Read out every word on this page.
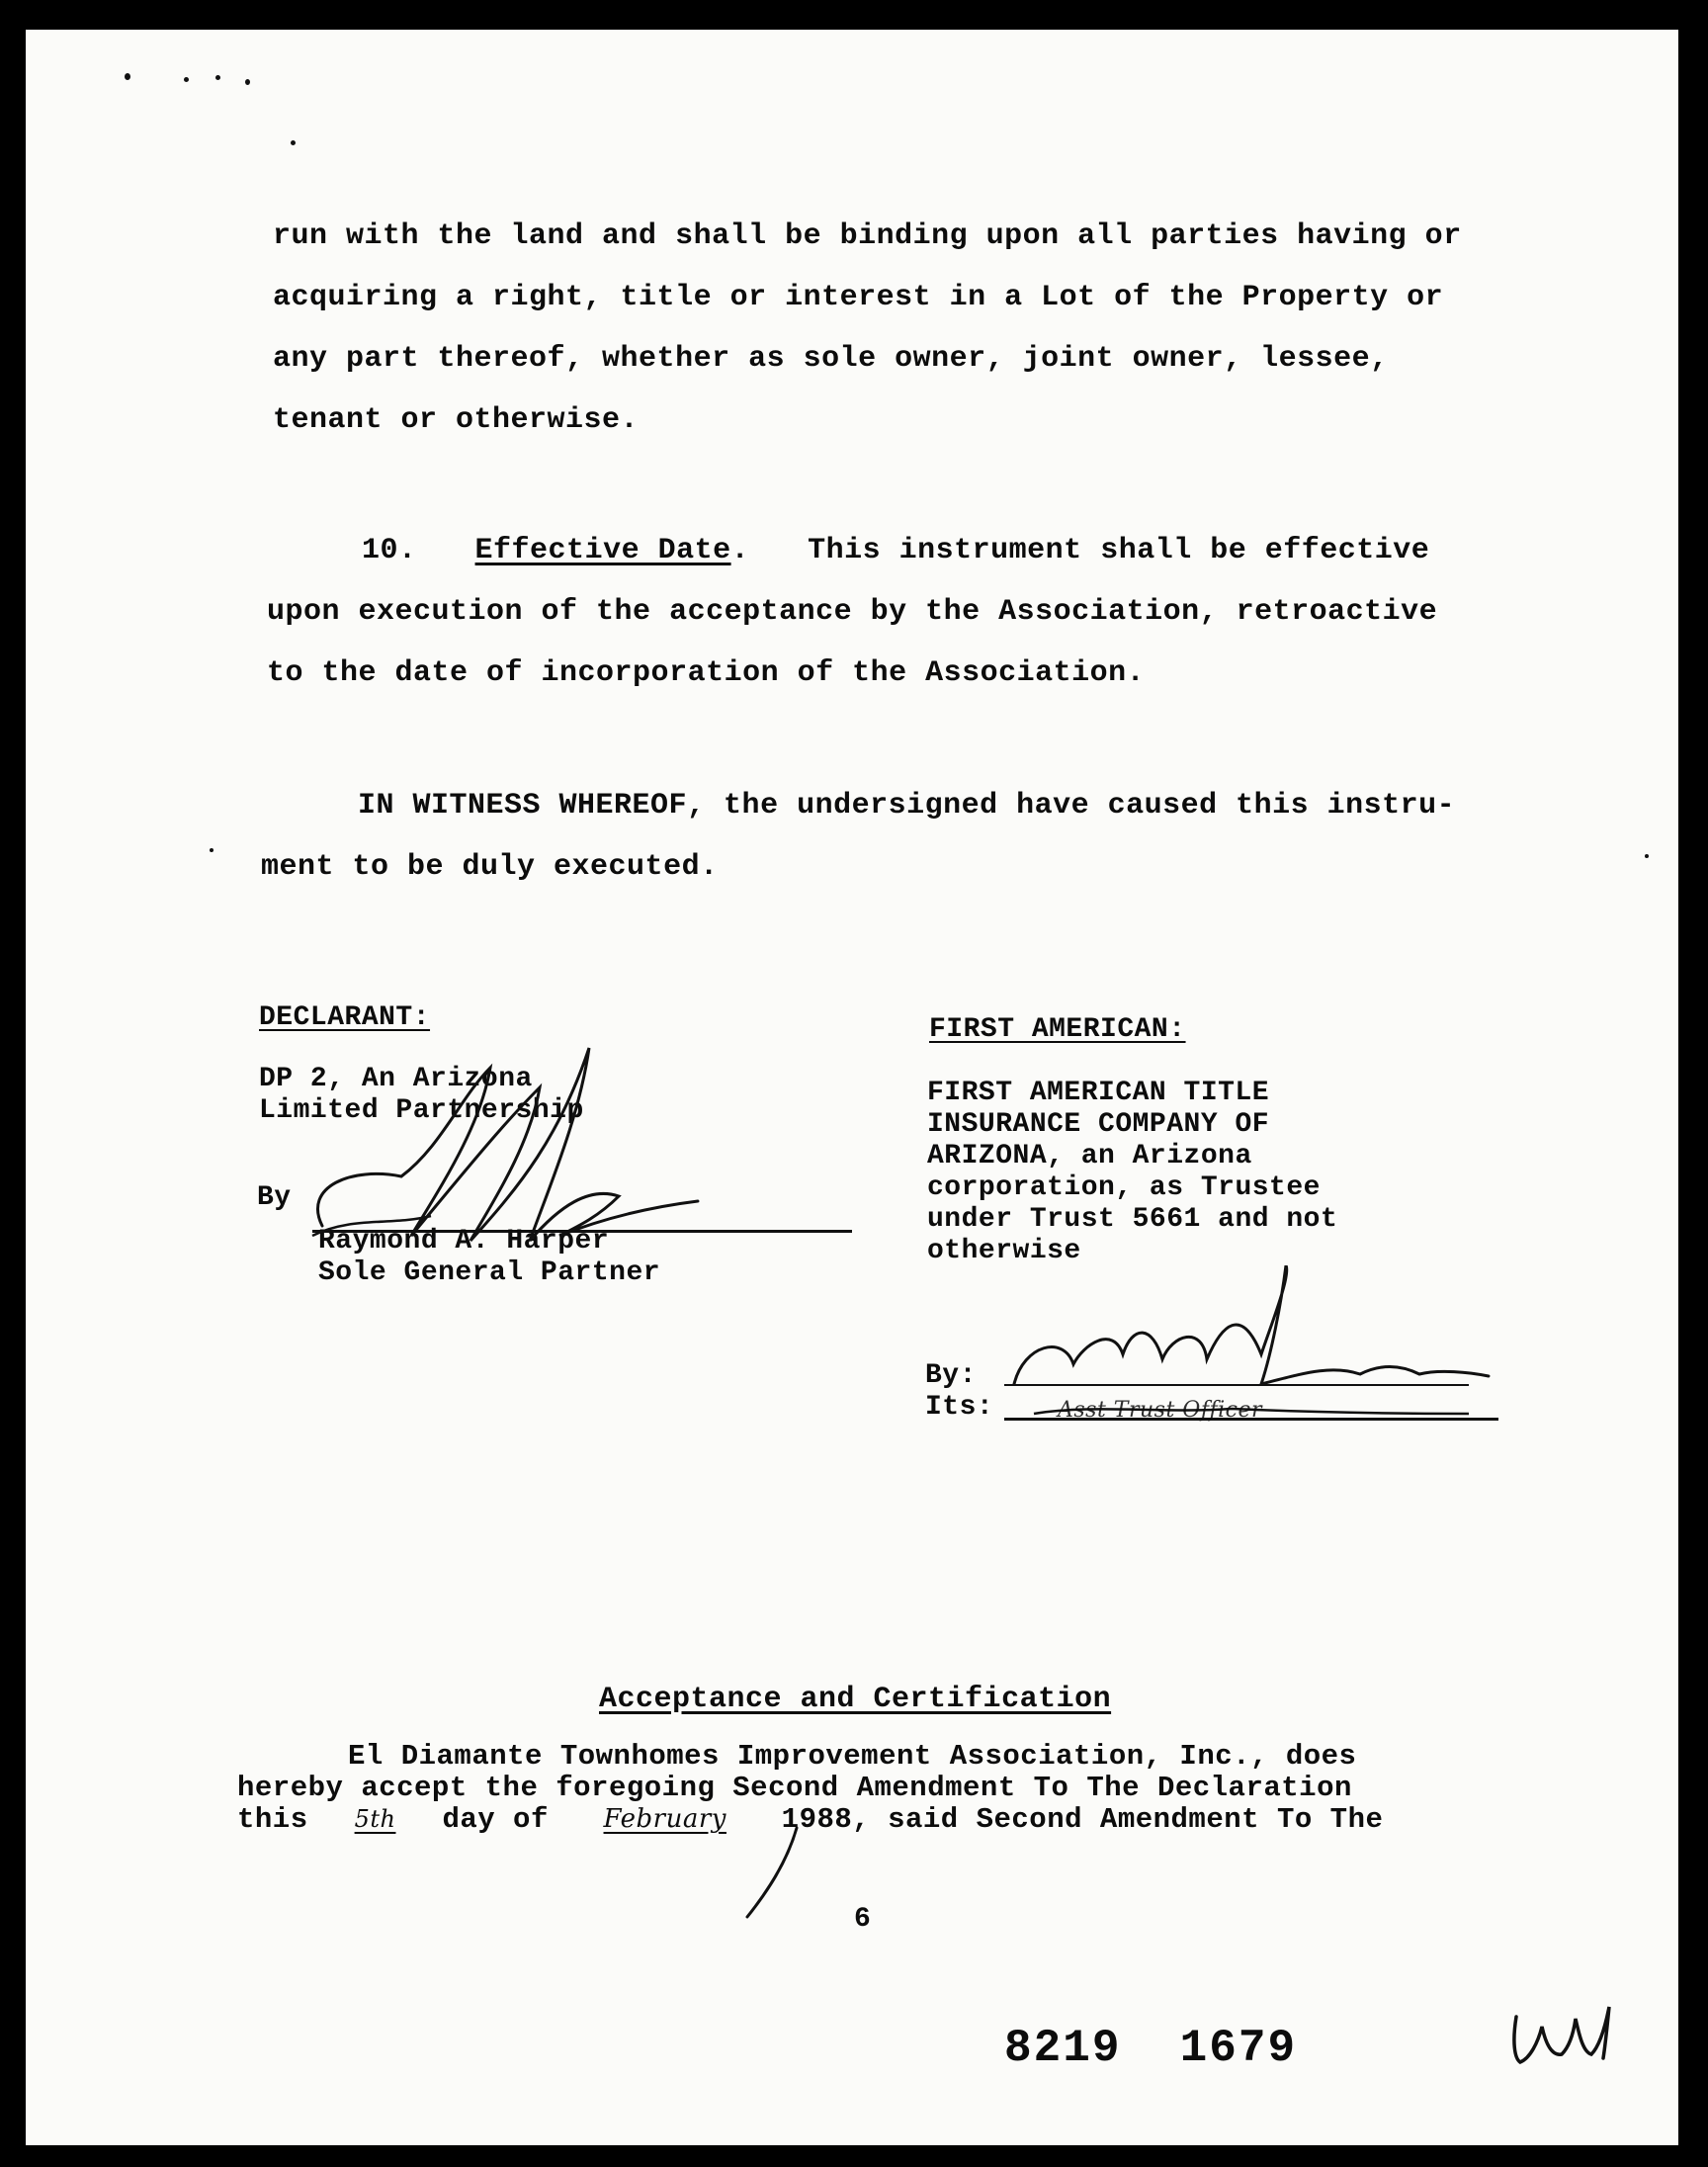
run with the land and shall be binding upon all parties having or
acquiring a right, title or interest in a Lot of the Property or
any part thereof, whether as sole owner, joint owner, lessee,
tenant or otherwise.
10. Effective Date. This instrument shall be effective
upon execution of the acceptance by the Association, retroactive
to the date of incorporation of the Association.
IN WITNESS WHEREOF, the undersigned have caused this instru-
ment to be duly executed.
DECLARANT:
DP 2, An Arizona
Limited Partnership
By
Raymond A. Harper
Sole General Partner
FIRST AMERICAN:
FIRST AMERICAN TITLE
INSURANCE COMPANY OF
ARIZONA, an Arizona
corporation, as Trustee
under Trust 5661 and not
otherwise
By:
Its:	Asst Trust Officer
Acceptance and Certification
El Diamante Townhomes Improvement Association, Inc., does
hereby accept the foregoing Second Amendment To The Declaration
this 5th day of February 1988, said Second Amendment To The
6
8219  1679
